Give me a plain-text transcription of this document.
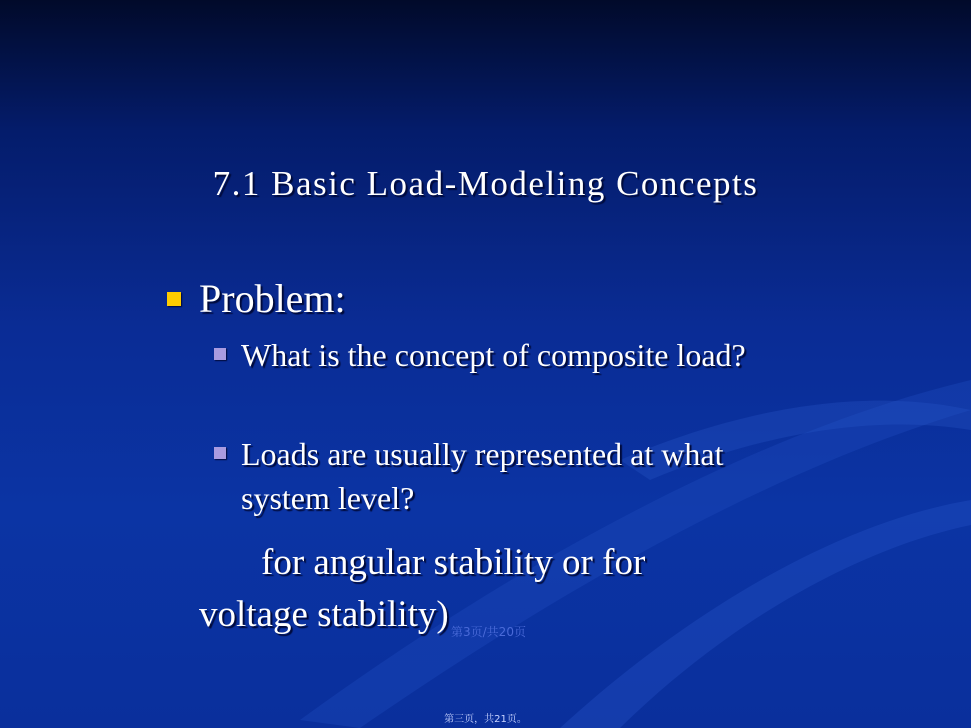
7.1 Basic Load-Modeling Concepts
Problem:
What is the concept of composite load?
Loads are usually represented at what system level?
for angular stability or for
voltage stability) 第3页/共20页
第三页，共21页。
